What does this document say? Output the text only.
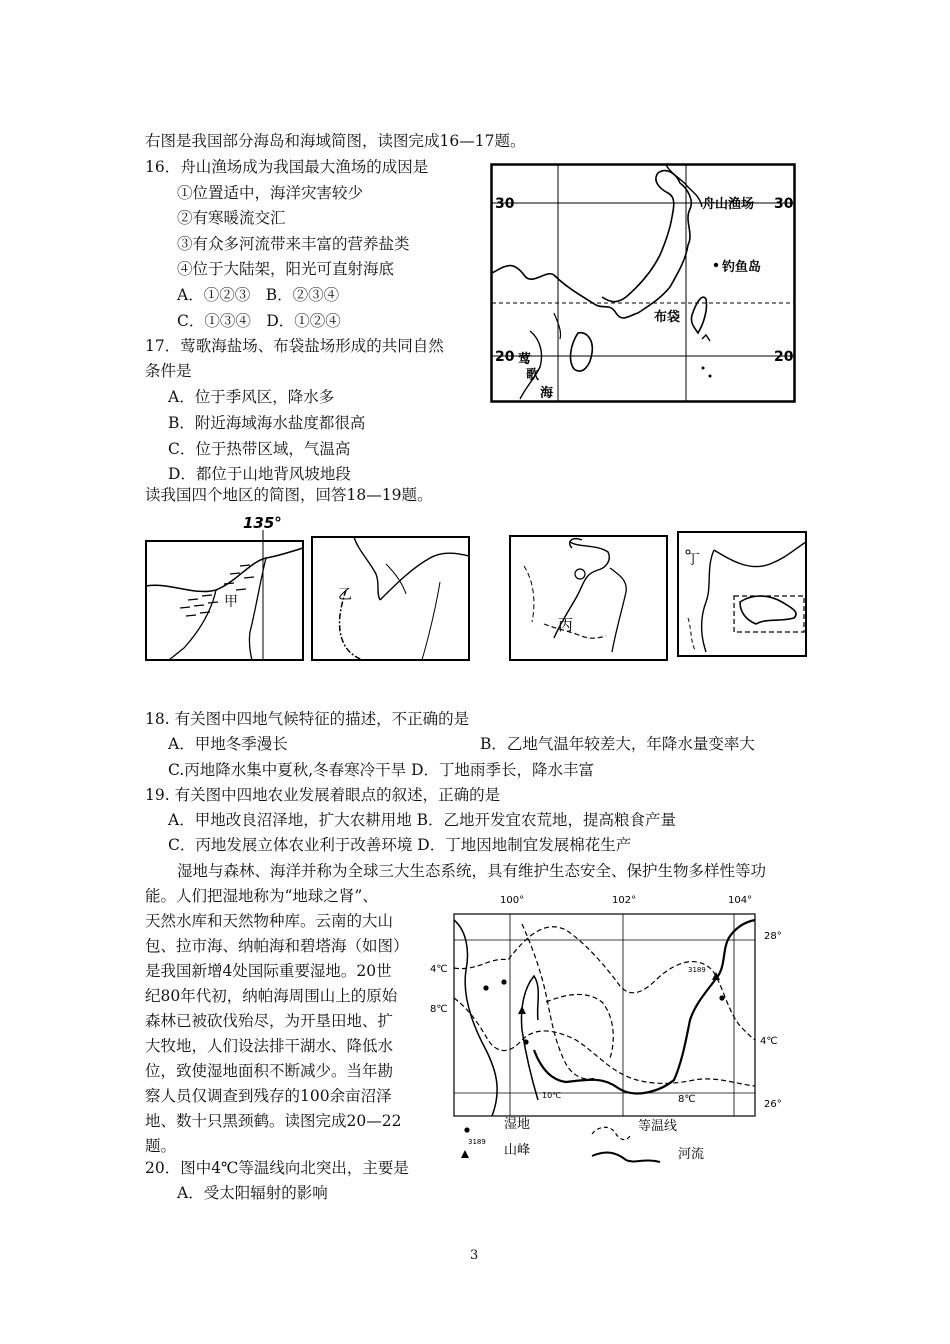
右图是我国部分海岛和海域简图，读图完成16—17题。
16．舟山渔场成为我国最大渔场的成因是
①位置适中，海洋灾害较少
②有寒暖流交汇
③有众多河流带来丰富的营养盐类
④位于大陆架，阳光可直射海底
A．①②③　B．②③④
C．①③④　D．①②④
17．莺歌海盐场、布袋盐场形成的共同自然
条件是
A．位于季风区，降水多
B．附近海域海水盐度都很高
C．位于热带区域，气温高
D．都位于山地背风坡地段
30	30
20	20
舟山渔场
钓鱼岛
布袋
莺
歌
海
读我国四个地区的简图，回答18—19题。
135°
甲	乙
丙
丁
18. 有关图中四地气候特征的描述，不正确的是
A．甲地冬季漫长	B．乙地气温年较差大，年降水量变率大
C.丙地降水集中夏秋,冬春寒冷干旱 D．丁地雨季长，降水丰富
19. 有关图中四地农业发展着眼点的叙述，正确的是
A．甲地改良沼泽地，扩大农耕用地 B．乙地开发宜农荒地，提高粮食产量
C．丙地发展立体农业利于改善环境 D．丁地因地制宜发展棉花生产
湿地与森林、海洋并称为全球三大生态系统，具有维护生态安全、保护生物多样性等功
能。人们把湿地称为“地球之肾”、
天然水库和天然物种库。云南的大山
包、拉市海、纳帕海和碧塔海（如图）
是我国新增4处国际重要湿地。20世
纪80年代初，纳帕海周围山上的原始
森林已被砍伐殆尽，为开垦田地、扩
大牧地，人们设法排干湖水、降低水
位，致使湿地面积不断减少。当年勘
察人员仅调查到残存的100余亩沼泽
地、数十只黑颈鹤。读图完成20—22
题。
20．图中4℃等温线向北突出，主要是
A．受太阳辐射的影响
100°	102°	104°
28°
26°
3189
4℃
8℃
4℃
8℃
10℃
湿地
3189
山峰
等温线
河流
3
